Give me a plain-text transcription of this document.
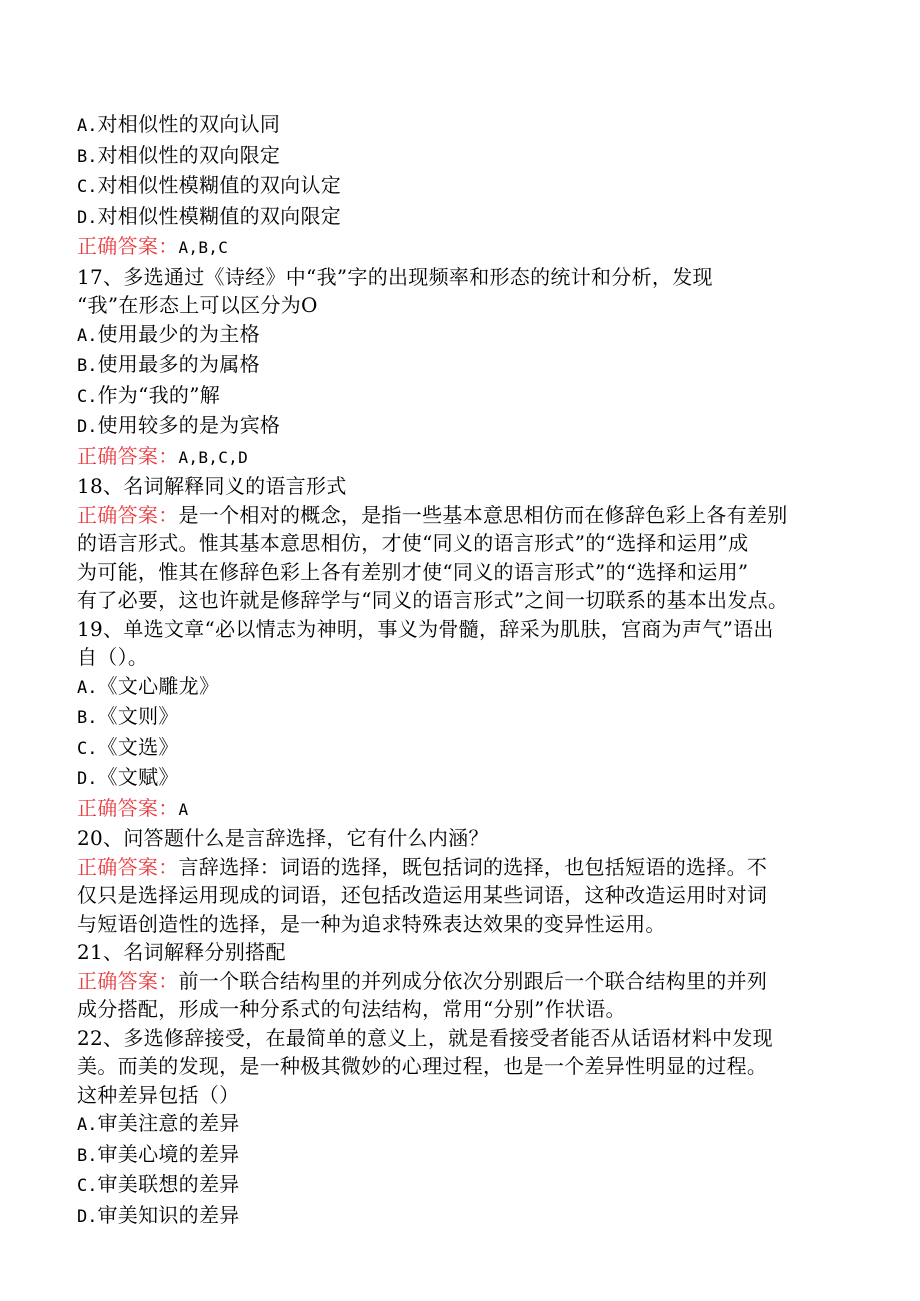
A.对相似性的双向认同
B.对相似性的双向限定
C.对相似性模糊值的双向认定
D.对相似性模糊值的双向限定
正确答案：A,B,C
17、多选通过《诗经》中“我”字的出现频率和形态的统计和分析，发现
“我”在形态上可以区分为O
A.使用最少的为主格
B.使用最多的为属格
C.作为“我的”解
D.使用较多的是为宾格
正确答案：A,B,C,D
18、名词解释同义的语言形式
正确答案：是一个相对的概念，是指一些基本意思相仿而在修辞色彩上各有差别
的语言形式。惟其基本意思相仿，才使“同义的语言形式”的“选择和运用”成
为可能，惟其在修辞色彩上各有差别才使“同义的语言形式”的“选择和运用”
有了必要，这也许就是修辞学与“同义的语言形式”之间一切联系的基本出发点。
19、单选文章“必以情志为神明，事义为骨髓，辞采为肌肤，宫商为声气”语出
自（）。
A.《文心雕龙》
B.《文则》
C.《文选》
D.《文赋》
正确答案：A
20、问答题什么是言辞选择，它有什么内涵？
正确答案：言辞选择：词语的选择，既包括词的选择，也包括短语的选择。不
仅只是选择运用现成的词语，还包括改造运用某些词语，这种改造运用时对词
与短语创造性的选择，是一种为追求特殊表达效果的变异性运用。
21、名词解释分别搭配
正确答案：前一个联合结构里的并列成分依次分别跟后一个联合结构里的并列
成分搭配，形成一种分系式的句法结构，常用“分别”作状语。
22、多选修辞接受，在最简单的意义上，就是看接受者能否从话语材料中发现
美。而美的发现，是一种极其微妙的心理过程，也是一个差异性明显的过程。
这种差异包括（）
A.审美注意的差异
B.审美心境的差异
C.审美联想的差异
D.审美知识的差异
